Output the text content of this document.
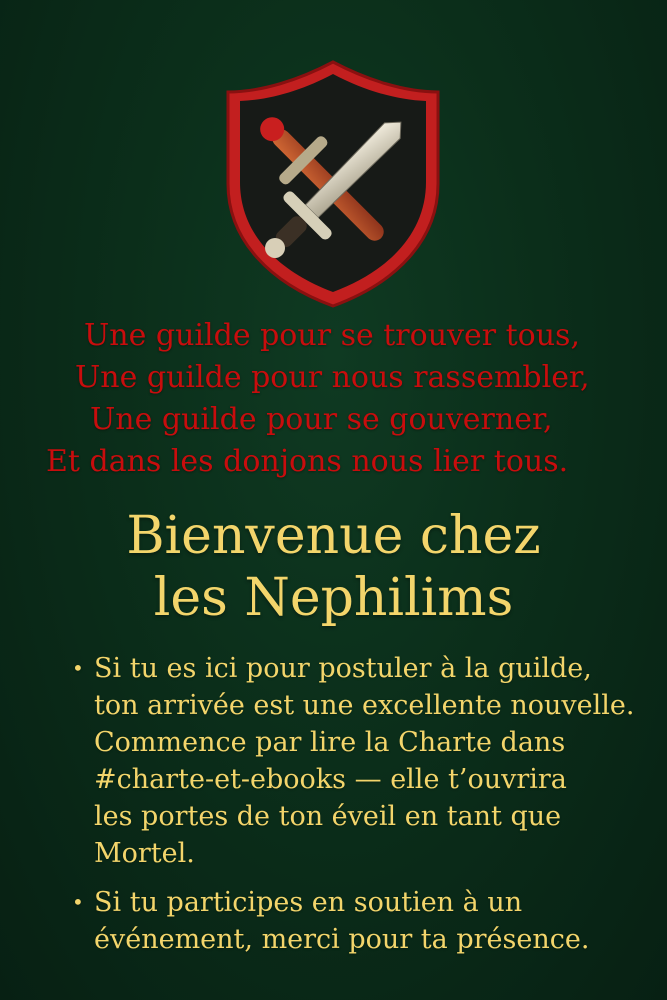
Une guilde pour se trouver tous,
Une guilde pour nous rassembler,
Une guilde pour se gouverner,
Et dans les donjons nous lier tous.
Bienvenue chez
les Nephilims
• Si tu es ici pour postuler à la guilde,
ton arrivée est une excellente nouvelle.
Commence par lire la Charte dans
#charte-et-ebooks — elle t’ouvrira
les portes de ton éveil en tant que
Mortel.
• Si tu participes en soutien à un
événement, merci pour ta présence.
